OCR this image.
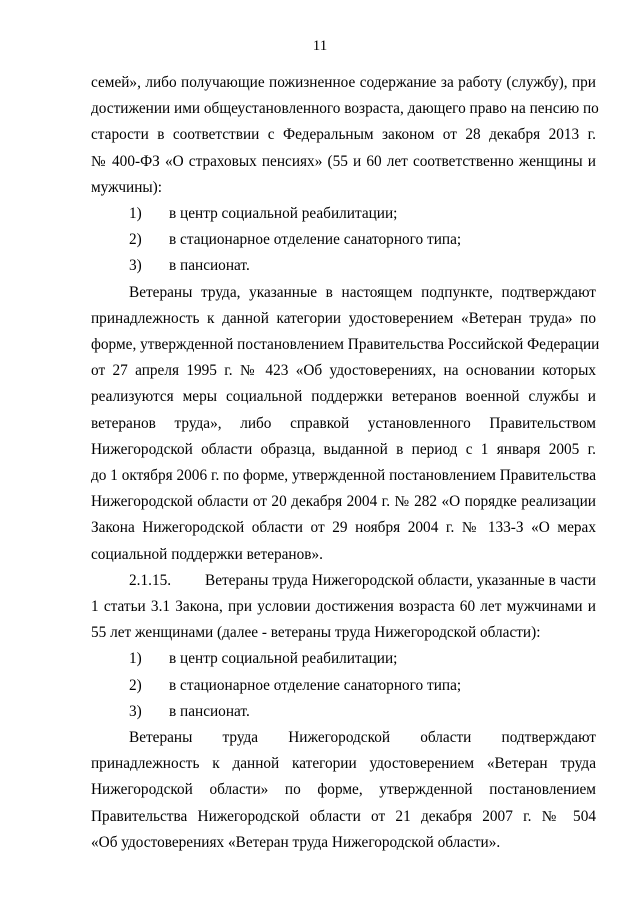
11

семей», либо получающие пожизненное содержание за работу (службу), при
достижении ими общеустановленного возраста, дающего право на пенсию по
старости в соответствии с Федеральным законом от 28 декабря 2013 г.
№ 400-ФЗ «О страховых пенсиях» (55 и 60 лет соответственно женщины и
мужчины):

1) в центр социальной реабилитации;
2) в стационарное отделение санаторного типа;
3) в пансионат.

Ветераны труда, указанные в настоящем подпункте, подтверждают
принадлежность к данной категории удостоверением «Ветеран труда» по
форме, утвержденной постановлением Правительства Российской Федерации
от 27 апреля 1995 г. № 423 «Об удостоверениях, на основании которых
реализуются меры социальной поддержки ветеранов военной службы и
ветеранов труда», либо справкой установленного Правительством
Нижегородской области образца, выданной в период с 1 января 2005 г.
до 1 октября 2006 г. по форме, утвержденной постановлением Правительства
Нижегородской области от 20 декабря 2004 г. № 282 «О порядке реализации
Закона Нижегородской области от 29 ноября 2004 г. № 133-З «О мерах
социальной поддержки ветеранов».

2.1.15. Ветераны труда Нижегородской области, указанные в части
1 статьи 3.1 Закона, при условии достижения возраста 60 лет мужчинами и
55 лет женщинами (далее - ветераны труда Нижегородской области):

1) в центр социальной реабилитации;
2) в стационарное отделение санаторного типа;
3) в пансионат.

Ветераны труда Нижегородской области подтверждают
принадлежность к данной категории удостоверением «Ветеран труда
Нижегородской области» по форме, утвержденной постановлением
Правительства Нижегородской области от 21 декабря 2007 г. № 504
«Об удостоверениях «Ветеран труда Нижегородской области».
